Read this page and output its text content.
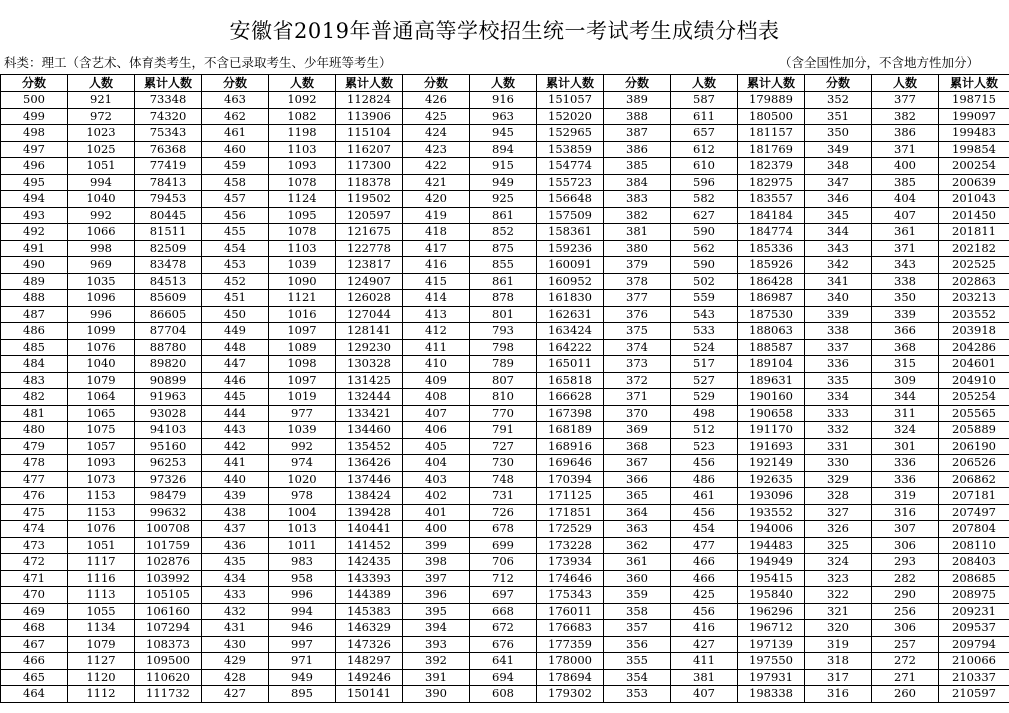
安徽省2019年普通高等学校招生统一考试考生成绩分档表
科类：理工（含艺术、体育类考生，不含已录取考生、少年班等考生）	（含全国性加分，不含地方性加分）
分数	人数	累计人数	分数	人数	累计人数	分数	人数	累计人数	分数	人数	累计人数	分数	人数	累计人数
500	921	73348	463	1092	112824	426	916	151057	389	587	179889	352	377	198715
499	972	74320	462	1082	113906	425	963	152020	388	611	180500	351	382	199097
498	1023	75343	461	1198	115104	424	945	152965	387	657	181157	350	386	199483
497	1025	76368	460	1103	116207	423	894	153859	386	612	181769	349	371	199854
496	1051	77419	459	1093	117300	422	915	154774	385	610	182379	348	400	200254
495	994	78413	458	1078	118378	421	949	155723	384	596	182975	347	385	200639
494	1040	79453	457	1124	119502	420	925	156648	383	582	183557	346	404	201043
493	992	80445	456	1095	120597	419	861	157509	382	627	184184	345	407	201450
492	1066	81511	455	1078	121675	418	852	158361	381	590	184774	344	361	201811
491	998	82509	454	1103	122778	417	875	159236	380	562	185336	343	371	202182
490	969	83478	453	1039	123817	416	855	160091	379	590	185926	342	343	202525
489	1035	84513	452	1090	124907	415	861	160952	378	502	186428	341	338	202863
488	1096	85609	451	1121	126028	414	878	161830	377	559	186987	340	350	203213
487	996	86605	450	1016	127044	413	801	162631	376	543	187530	339	339	203552
486	1099	87704	449	1097	128141	412	793	163424	375	533	188063	338	366	203918
485	1076	88780	448	1089	129230	411	798	164222	374	524	188587	337	368	204286
484	1040	89820	447	1098	130328	410	789	165011	373	517	189104	336	315	204601
483	1079	90899	446	1097	131425	409	807	165818	372	527	189631	335	309	204910
482	1064	91963	445	1019	132444	408	810	166628	371	529	190160	334	344	205254
481	1065	93028	444	977	133421	407	770	167398	370	498	190658	333	311	205565
480	1075	94103	443	1039	134460	406	791	168189	369	512	191170	332	324	205889
479	1057	95160	442	992	135452	405	727	168916	368	523	191693	331	301	206190
478	1093	96253	441	974	136426	404	730	169646	367	456	192149	330	336	206526
477	1073	97326	440	1020	137446	403	748	170394	366	486	192635	329	336	206862
476	1153	98479	439	978	138424	402	731	171125	365	461	193096	328	319	207181
475	1153	99632	438	1004	139428	401	726	171851	364	456	193552	327	316	207497
474	1076	100708	437	1013	140441	400	678	172529	363	454	194006	326	307	207804
473	1051	101759	436	1011	141452	399	699	173228	362	477	194483	325	306	208110
472	1117	102876	435	983	142435	398	706	173934	361	466	194949	324	293	208403
471	1116	103992	434	958	143393	397	712	174646	360	466	195415	323	282	208685
470	1113	105105	433	996	144389	396	697	175343	359	425	195840	322	290	208975
469	1055	106160	432	994	145383	395	668	176011	358	456	196296	321	256	209231
468	1134	107294	431	946	146329	394	672	176683	357	416	196712	320	306	209537
467	1079	108373	430	997	147326	393	676	177359	356	427	197139	319	257	209794
466	1127	109500	429	971	148297	392	641	178000	355	411	197550	318	272	210066
465	1120	110620	428	949	149246	391	694	178694	354	381	197931	317	271	210337
464	1112	111732	427	895	150141	390	608	179302	353	407	198338	316	260	210597
